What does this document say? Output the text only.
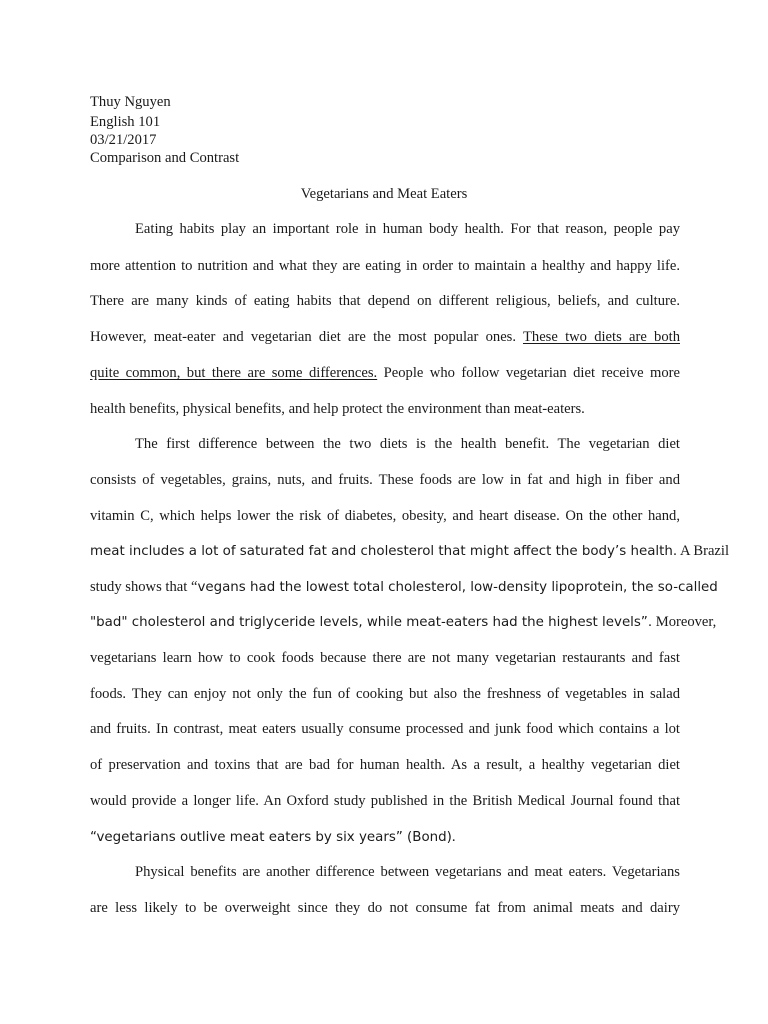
Thuy Nguyen
English 101
03/21/2017
Comparison and Contrast
Vegetarians and Meat Eaters
Eating habits play an important role in human body health. For that reason, people pay
more attention to nutrition and what they are eating in order to maintain a healthy and happy life.
There are many kinds of eating habits that depend on different religious, beliefs, and culture.
However, meat-eater and vegetarian diet are the most popular ones. These two diets are both
quite common, but there are some differences. People who follow vegetarian diet receive more
health benefits, physical benefits, and help protect the environment than meat-eaters.
The first difference between the two diets is the health benefit. The vegetarian diet
consists of vegetables, grains, nuts, and fruits. These foods are low in fat and high in fiber and
vitamin C, which helps lower the risk of diabetes, obesity, and heart disease. On the other hand,
meat includes a lot of saturated fat and cholesterol that might affect the body’s health. A Brazil
study shows that “vegans had the lowest total cholesterol, low-density lipoprotein, the so-called
"bad" cholesterol and triglyceride levels, while meat-eaters had the highest levels”. Moreover,
vegetarians learn how to cook foods because there are not many vegetarian restaurants and fast
foods. They can enjoy not only the fun of cooking but also the freshness of vegetables in salad
and fruits. In contrast, meat eaters usually consume processed and junk food which contains a lot
of preservation and toxins that are bad for human health. As a result, a healthy vegetarian diet
would provide a longer life. An Oxford study published in the British Medical Journal found that
“vegetarians outlive meat eaters by six years” (Bond).
Physical benefits are another difference between vegetarians and meat eaters. Vegetarians
are less likely to be overweight since they do not consume fat from animal meats and dairy
